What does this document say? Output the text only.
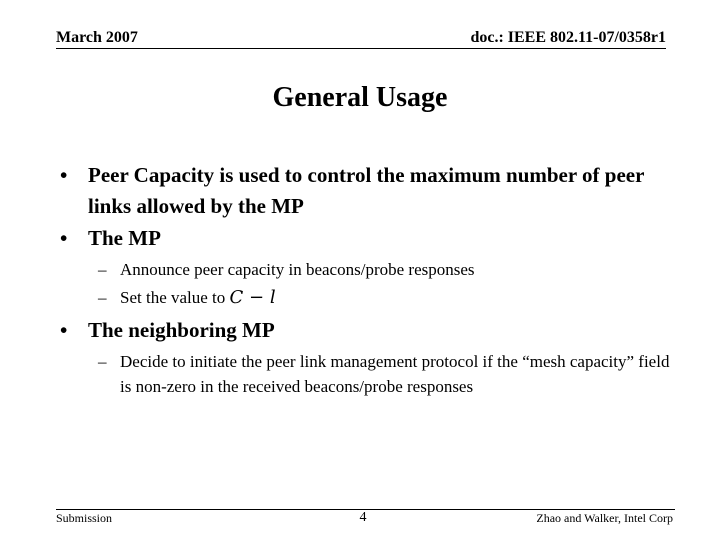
March 2007	doc.: IEEE 802.11-07/0358r1
General Usage
• Peer Capacity is used to control the maximum number of peer links allowed by the MP
• The MP
– Announce peer capacity in beacons/probe responses
– Set the value to C − l
• The neighboring MP
– Decide to initiate the peer link management protocol if the “mesh capacity” field is non-zero in the received beacons/probe responses
Submission	4	Zhao and Walker, Intel Corp
